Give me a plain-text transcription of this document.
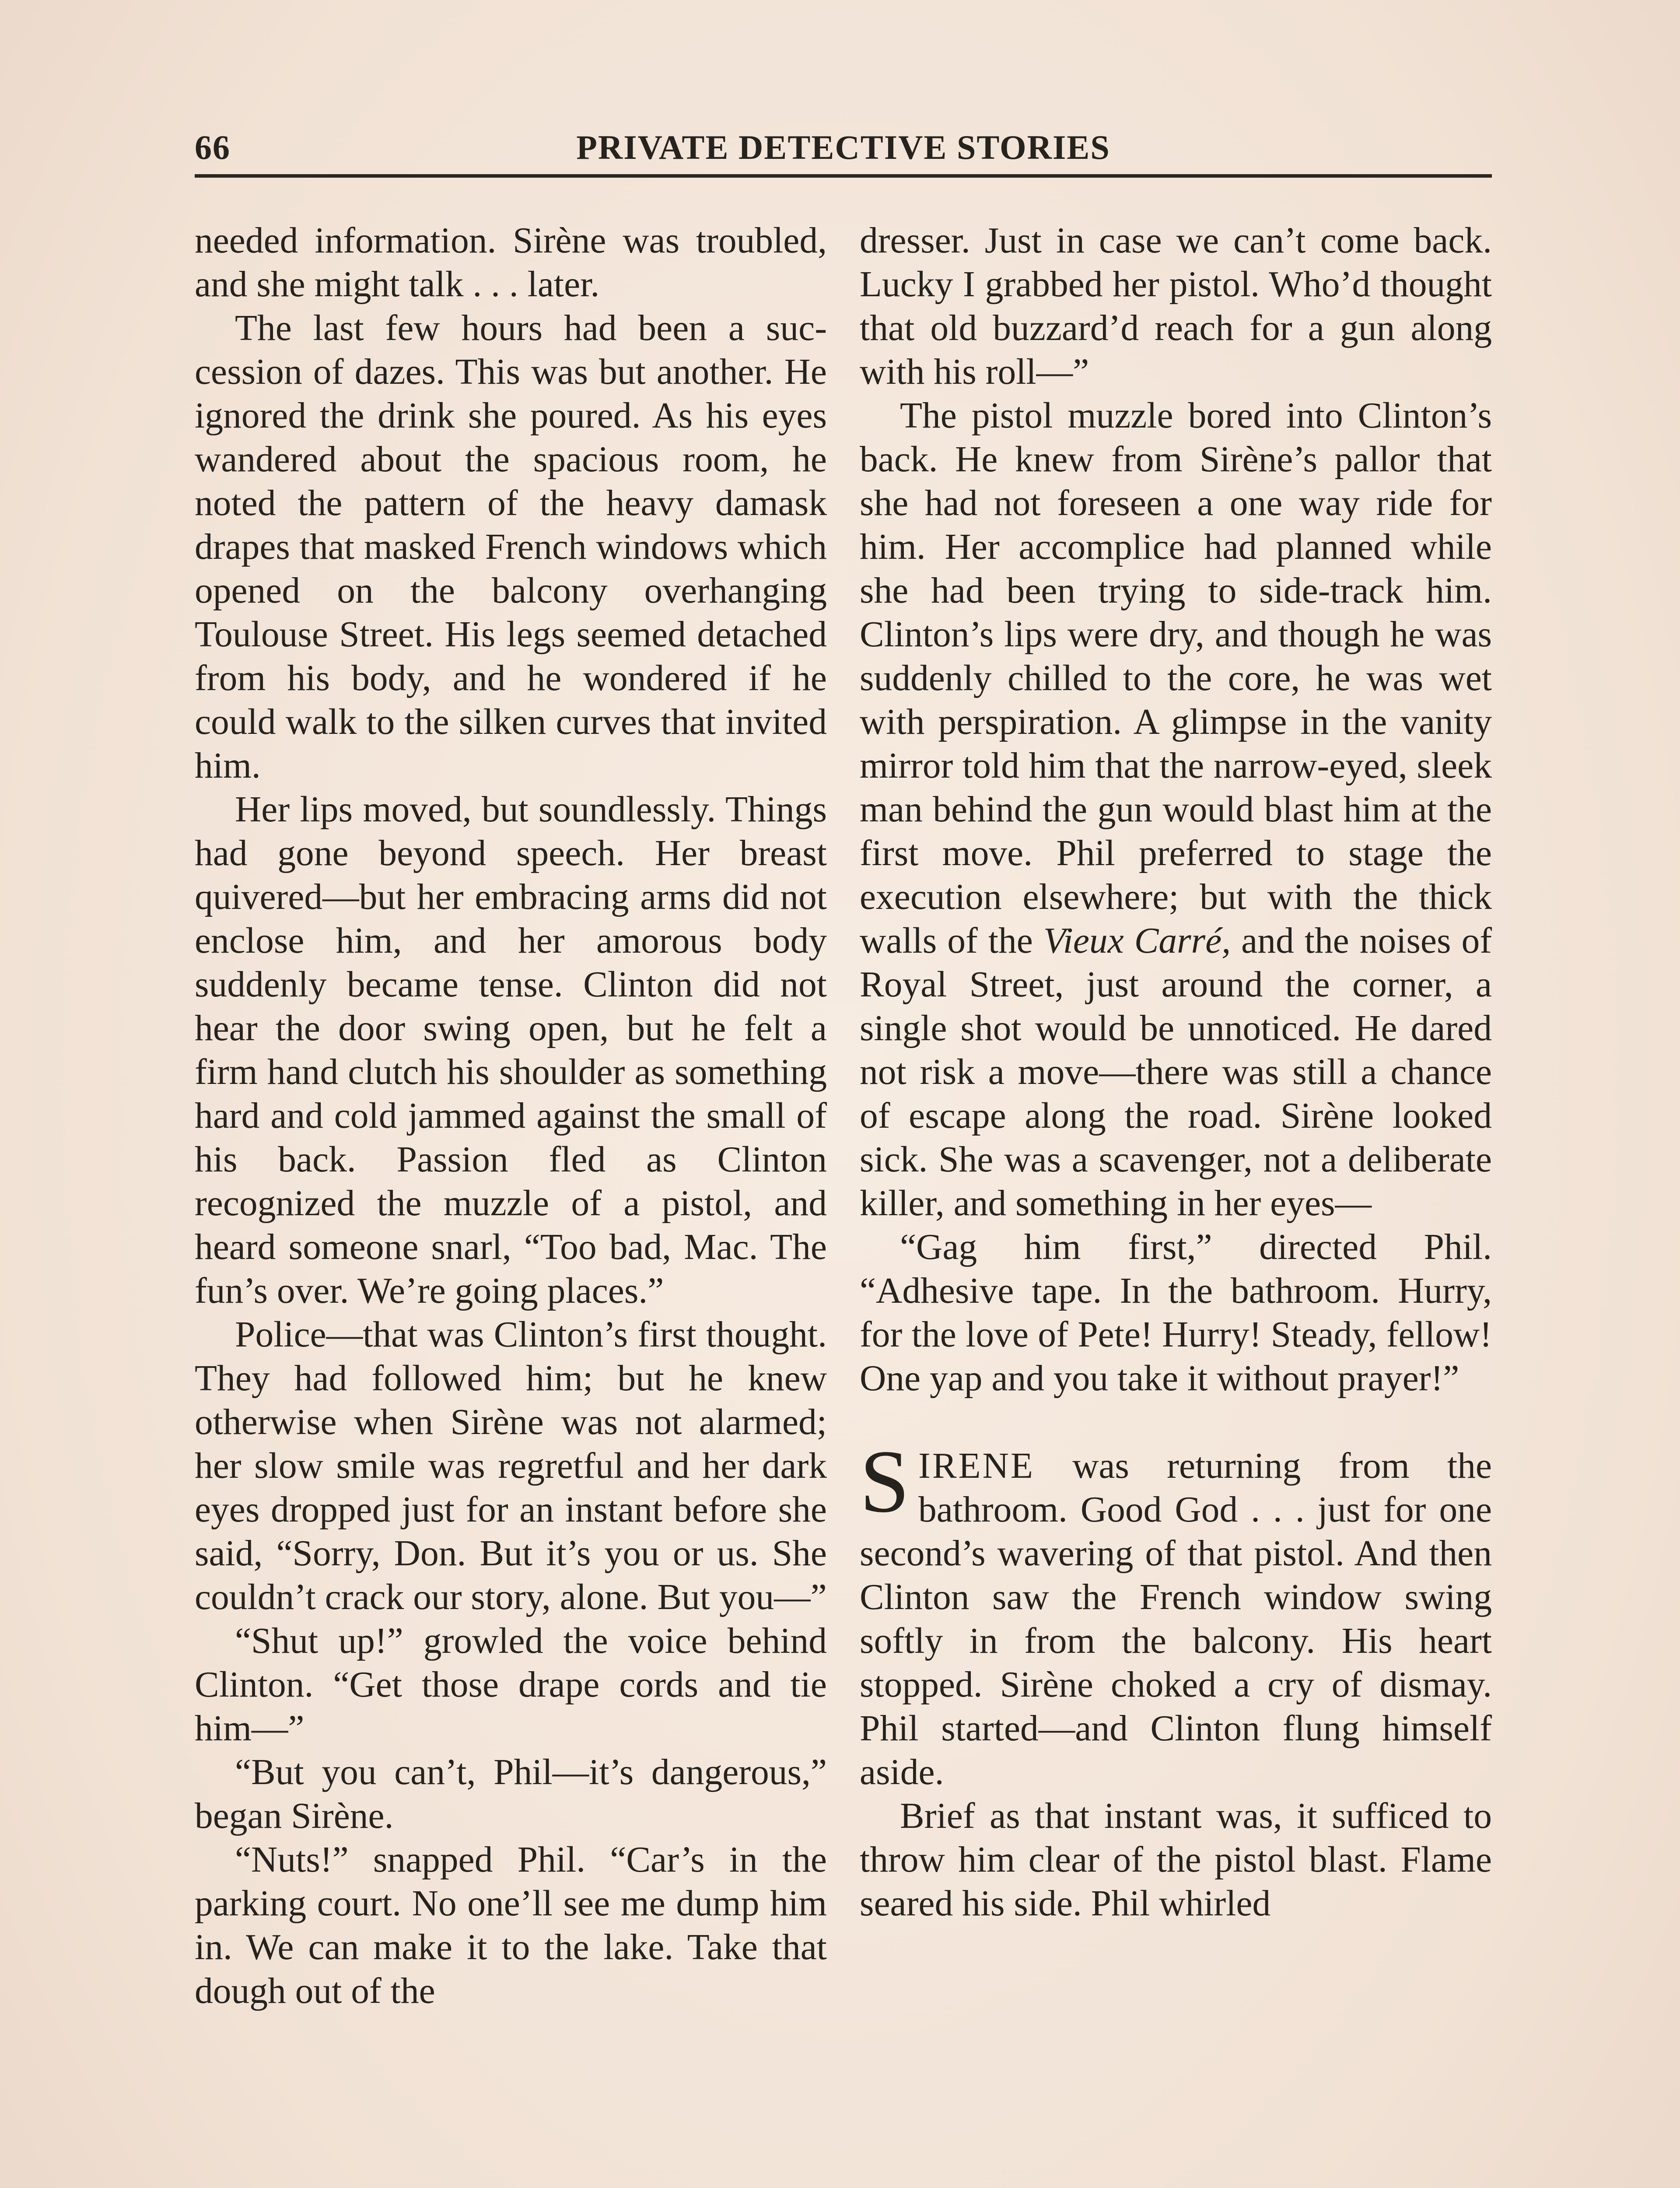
66	PRIVATE DETECTIVE STORIES

needed information. Sirène was troubled, and she might talk . . . later.

The last few hours had been a succession of dazes. This was but another. He ignored the drink she poured. As his eyes wandered about the spacious room, he noted the pattern of the heavy damask drapes that masked French windows which opened on the balcony overhanging Toulouse Street. His legs seemed detached from his body, and he wondered if he could walk to the silken curves that invited him.

Her lips moved, but soundlessly. Things had gone beyond speech. Her breast quivered—but her embracing arms did not enclose him, and her amorous body suddenly became tense. Clinton did not hear the door swing open, but he felt a firm hand clutch his shoulder as something hard and cold jammed against the small of his back. Passion fled as Clinton recognized the muzzle of a pistol, and heard someone snarl, “Too bad, Mac. The fun’s over. We’re going places.”

Police—that was Clinton’s first thought. They had followed him; but he knew otherwise when Sirène was not alarmed; her slow smile was regretful and her dark eyes dropped just for an instant before she said, “Sorry, Don. But it’s you or us. She couldn’t crack our story, alone. But you—”

“Shut up!” growled the voice behind Clinton. “Get those drape cords and tie him—”

“But you can’t, Phil—it’s dangerous,” began Sirène.

“Nuts!” snapped Phil. “Car’s in the parking court. No one’ll see me dump him in. We can make it to the lake. Take that dough out of the

dresser. Just in case we can’t come back. Lucky I grabbed her pistol. Who’d thought that old buzzard’d reach for a gun along with his roll—”

The pistol muzzle bored into Clinton’s back. He knew from Sirène’s pallor that she had not foreseen a one way ride for him. Her accomplice had planned while she had been trying to side-track him. Clinton’s lips were dry, and though he was suddenly chilled to the core, he was wet with perspiration. A glimpse in the vanity mirror told him that the narrow-eyed, sleek man behind the gun would blast him at the first move. Phil preferred to stage the execution elsewhere; but with the thick walls of the Vieux Carré, and the noises of Royal Street, just around the corner, a single shot would be unnoticed. He dared not risk a move—there was still a chance of escape along the road. Sirène looked sick. She was a scavenger, not a deliberate killer, and something in her eyes—

“Gag him first,” directed Phil. “Adhesive tape. In the bathroom. Hurry, for the love of Pete! Hurry! Steady, fellow! One yap and you take it without prayer!”

SIRENE was returning from the bathroom. Good God . . . just for one second’s wavering of that pistol. And then Clinton saw the French window swing softly in from the balcony. His heart stopped. Sirène choked a cry of dismay. Phil started—and Clinton flung himself aside.

Brief as that instant was, it sufficed to throw him clear of the pistol blast. Flame seared his side. Phil whirled
